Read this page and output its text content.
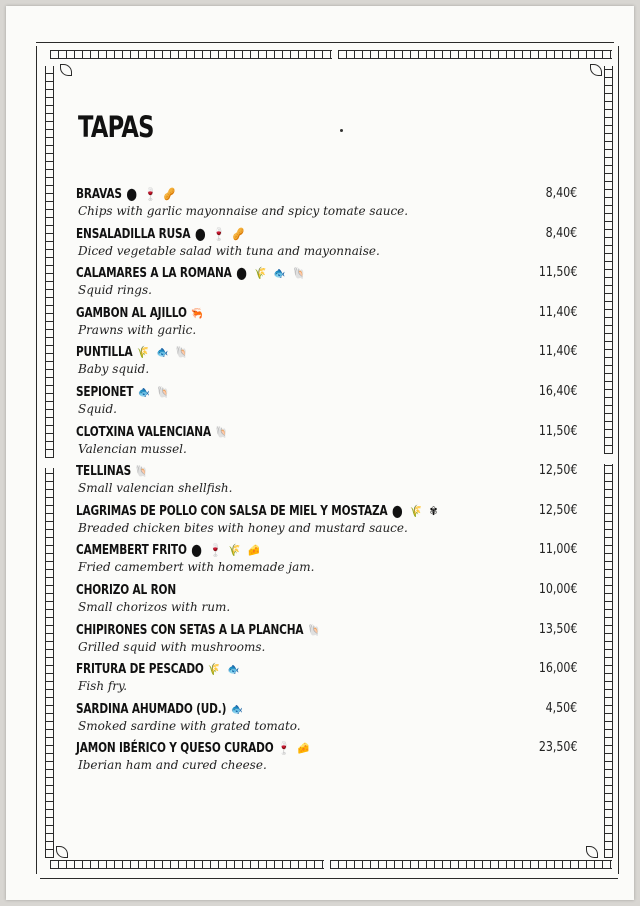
TAPAS
BRAVAS ⬤ 🍷 🥜
Chips with garlic mayonnaise and spicy tomate sauce.
8,40€
ENSALADILLA RUSA ⬤ 🍷 🥜
Diced vegetable salad with tuna and mayonnaise.
8,40€
CALAMARES A LA ROMANA ⬤ 🌾 🐟 🐚
Squid rings.
11,50€
GAMBON AL AJILLO 🦐
Prawns with garlic.
11,40€
PUNTILLA 🌾 🐟 🐚
Baby squid.
11,40€
SEPIONET 🐟 🐚
Squid.
16,40€
CLOTXINA VALENCIANA 🐚
Valencian mussel.
11,50€
TELLINAS 🐚
Small valencian shellfish.
12,50€
LAGRIMAS DE POLLO CON SALSA DE MIEL Y MOSTAZA ⬤ 🌾 ✾
Breaded chicken bites with honey and mustard sauce.
12,50€
CAMEMBERT FRITO ⬤ 🍷 🌾 🧀
Fried camembert with homemade jam.
11,00€
CHORIZO AL RON
Small chorizos with rum.
10,00€
CHIPIRONES CON SETAS A LA PLANCHA 🐚
Grilled squid with mushrooms.
13,50€
FRITURA DE PESCADO 🌾 🐟
Fish fry.
16,00€
SARDINA AHUMADO (UD.) 🐟
Smoked sardine with grated tomato.
4,50€
JAMON IBÉRICO Y QUESO CURADO 🍷 🧀
Iberian ham and cured cheese.
23,50€
